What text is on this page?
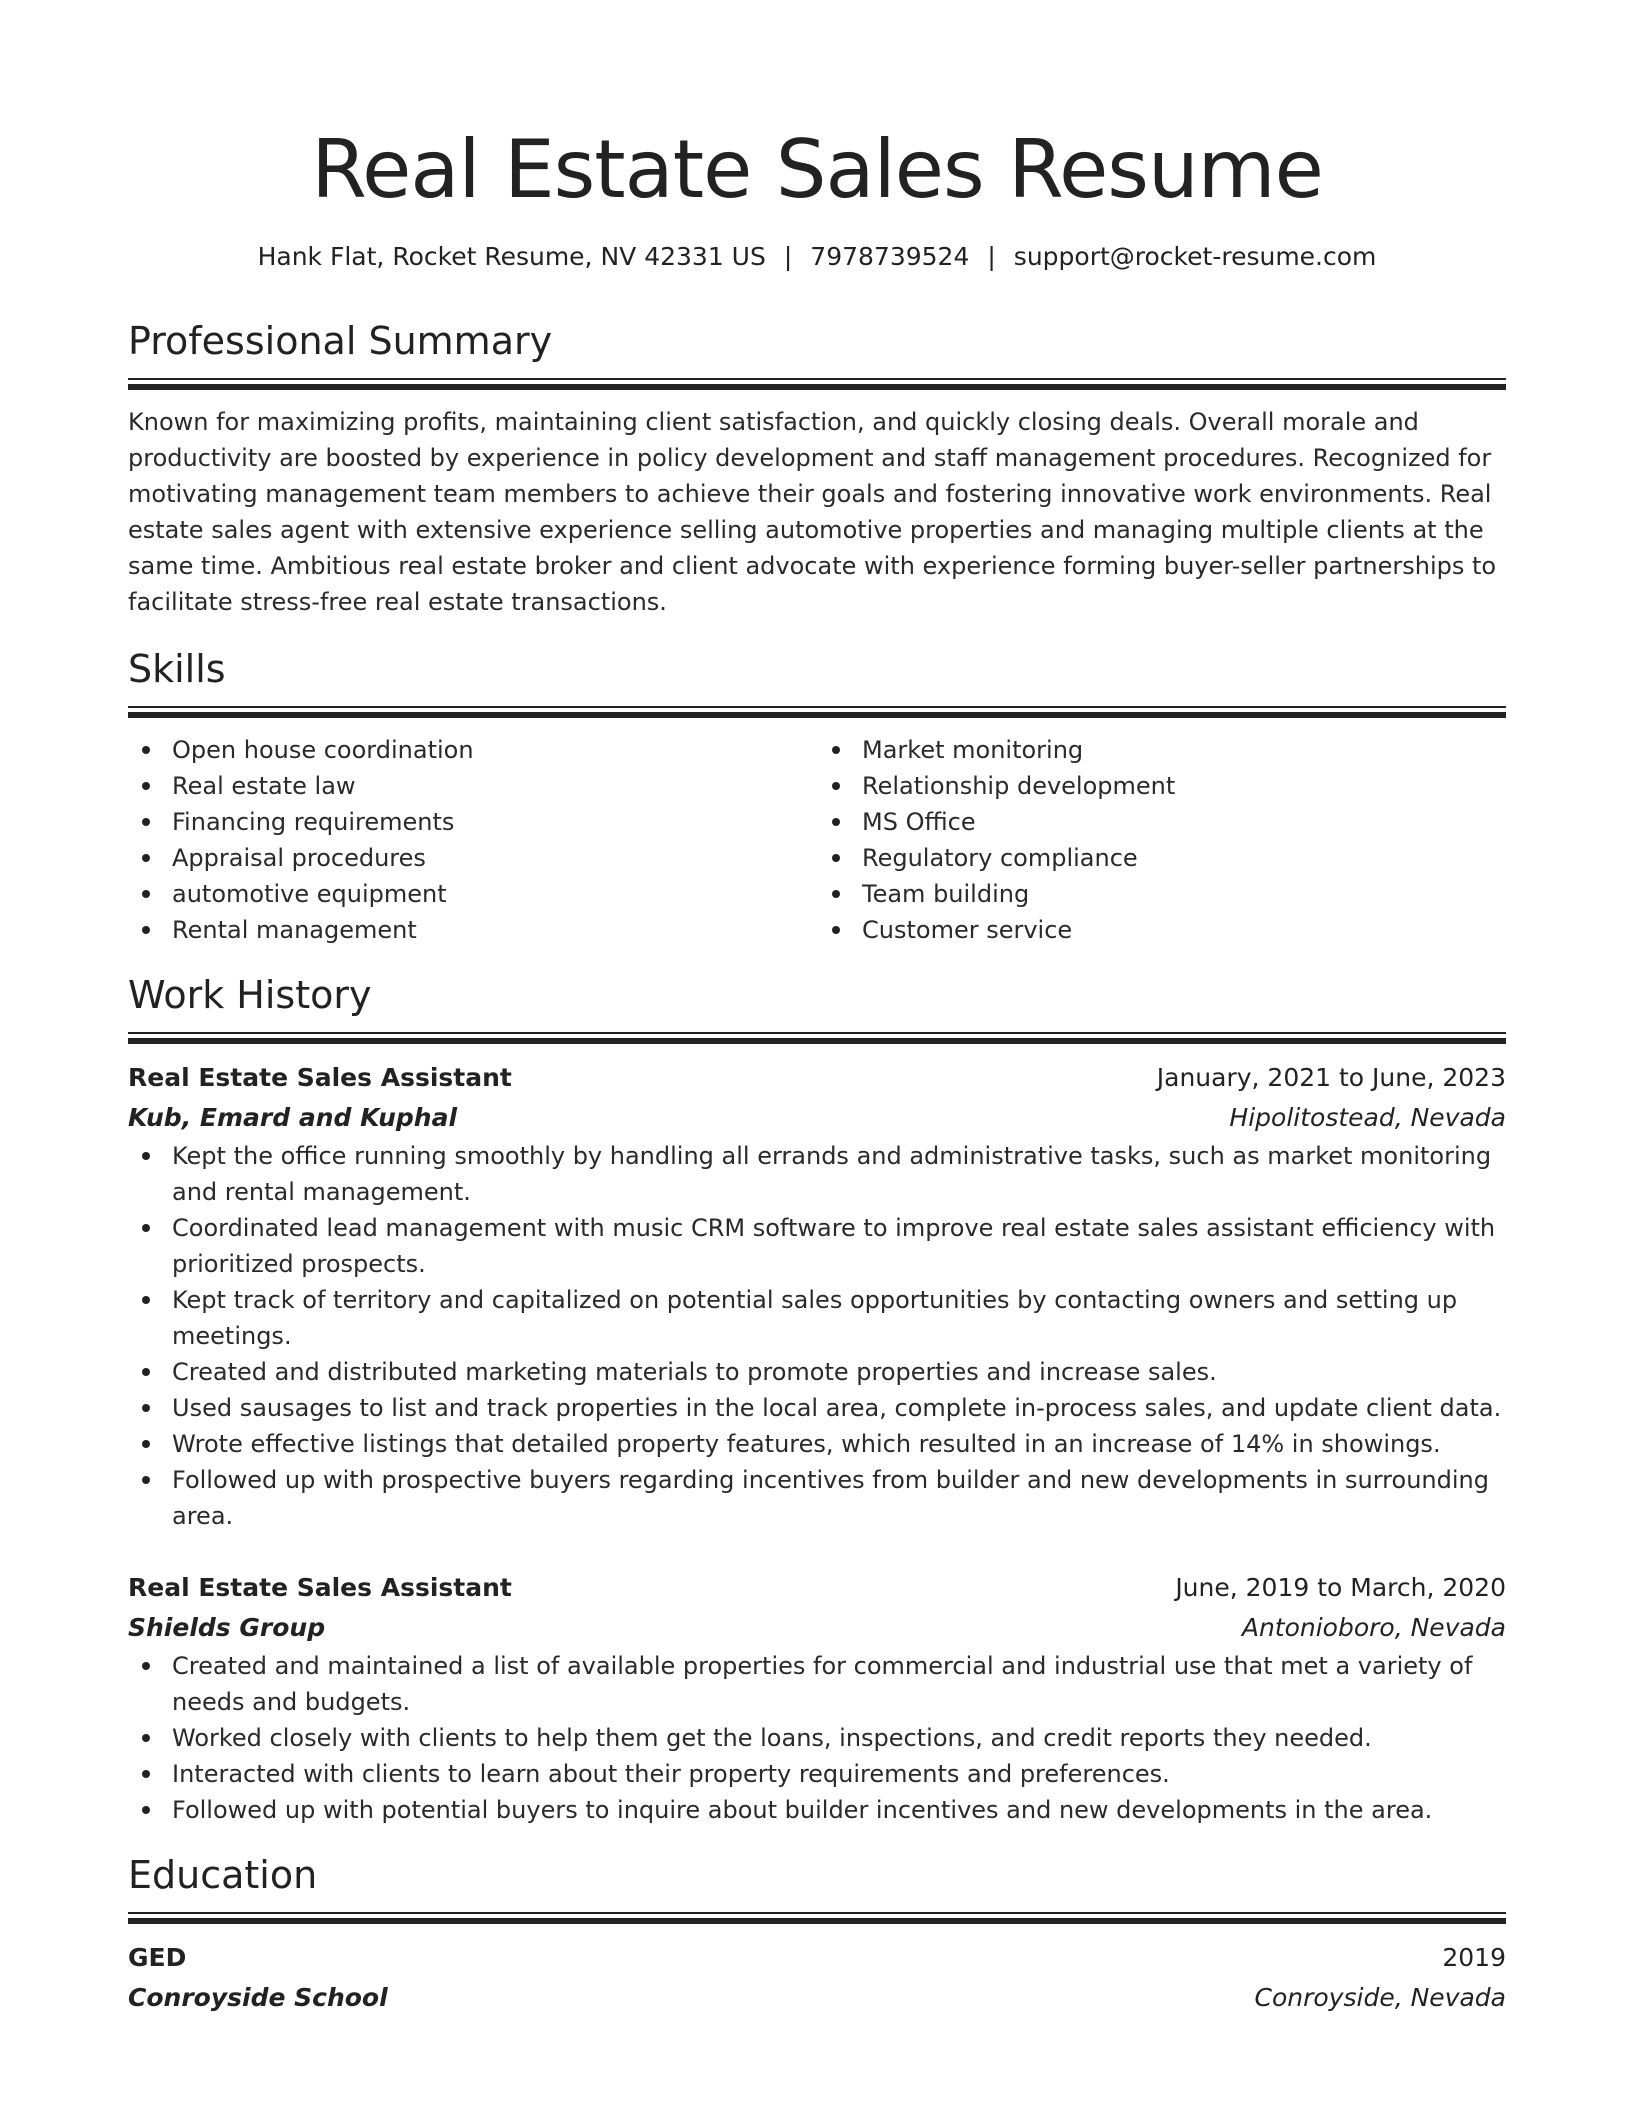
Real Estate Sales Resume
Hank Flat, Rocket Resume, NV 42331 US | 7978739524 | support@rocket-resume.com
Professional Summary

Known for maximizing profits, maintaining client satisfaction, and quickly closing deals. Overall morale and productivity are boosted by experience in policy development and staff management procedures. Recognized for motivating management team members to achieve their goals and fostering innovative work environments. Real estate sales agent with extensive experience selling automotive properties and managing multiple clients at the same time. Ambitious real estate broker and client advocate with experience forming buyer-seller partnerships to facilitate stress-free real estate transactions.

Skills
Open house coordination
Real estate law
Financing requirements
Appraisal procedures
automotive equipment
Rental management
Market monitoring
Relationship development
MS Office
Regulatory compliance
Team building
Customer service
Work History
Real Estate Sales Assistant	January, 2021 to June, 2023
Kub, Emard and Kuphal	Hipolitostead, Nevada
Kept the office running smoothly by handling all errands and administrative tasks, such as market monitoring and rental management.
Coordinated lead management with music CRM software to improve real estate sales assistant efficiency with prioritized prospects.
Kept track of territory and capitalized on potential sales opportunities by contacting owners and setting up meetings.
Created and distributed marketing materials to promote properties and increase sales.
Used sausages to list and track properties in the local area, complete in-process sales, and update client data.
Wrote effective listings that detailed property features, which resulted in an increase of 14% in showings.
Followed up with prospective buyers regarding incentives from builder and new developments in surrounding area.
Real Estate Sales Assistant	June, 2019 to March, 2020
Shields Group	Antonioboro, Nevada
Created and maintained a list of available properties for commercial and industrial use that met a variety of needs and budgets.
Worked closely with clients to help them get the loans, inspections, and credit reports they needed.
Interacted with clients to learn about their property requirements and preferences.
Followed up with potential buyers to inquire about builder incentives and new developments in the area.
Education
GED	2019
Conroyside School	Conroyside, Nevada
